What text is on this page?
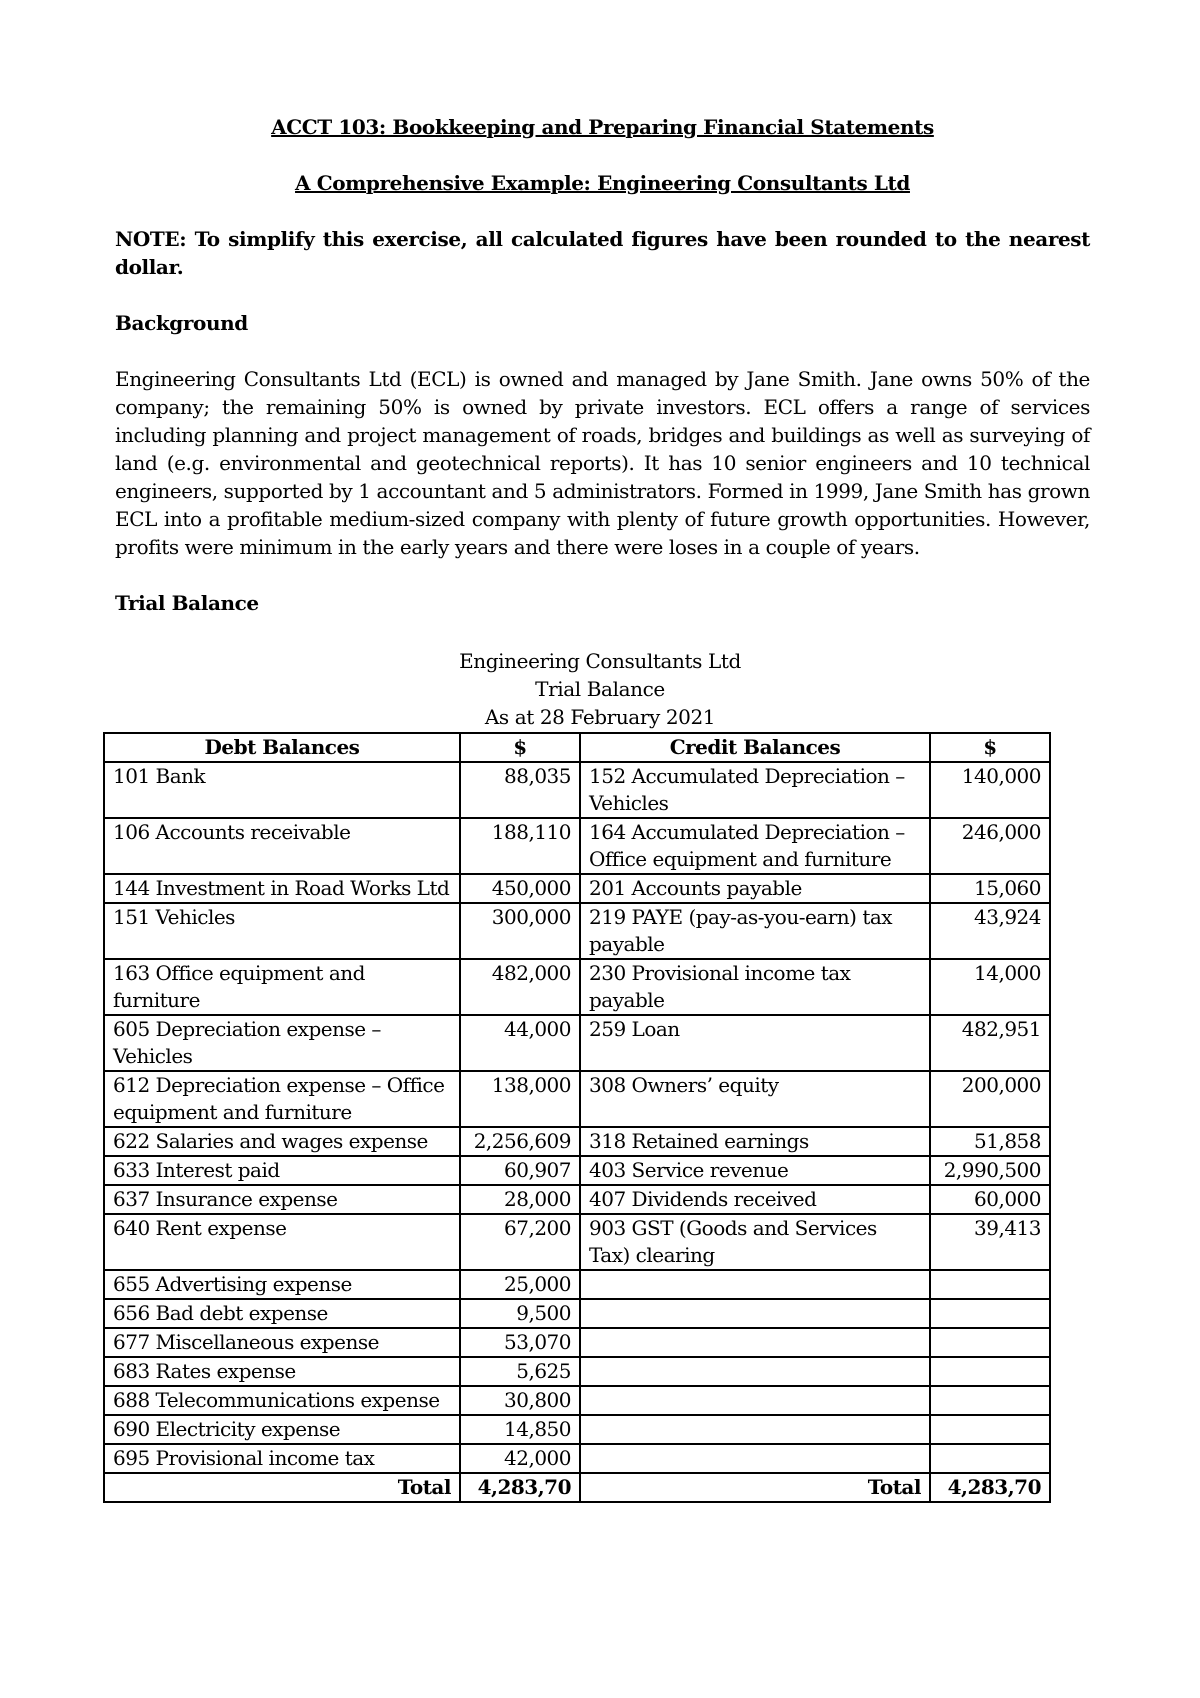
ACCT 103: Bookkeeping and Preparing Financial Statements

A Comprehensive Example: Engineering Consultants Ltd

NOTE: To simplify this exercise, all calculated figures have been rounded to the nearest dollar.

Background

Engineering Consultants Ltd (ECL) is owned and managed by Jane Smith. Jane owns 50% of the
company; the remaining 50% is owned by private investors. ECL offers a range of services
including planning and project management of roads, bridges and buildings as well as surveying of
land (e.g. environmental and geotechnical reports). It has 10 senior engineers and 10 technical
engineers, supported by 1 accountant and 5 administrators. Formed in 1999, Jane Smith has grown
ECL into a profitable medium-sized company with plenty of future growth opportunities. However,
profits were minimum in the early years and there were loses in a couple of years.

Trial Balance

Engineering Consultants Ltd
Trial Balance
As at 28 February 2021
Debt Balances	$	Credit Balances	$
101 Bank	88,035	152 Accumulated Depreciation – Vehicles	140,000
106 Accounts receivable	188,110	164 Accumulated Depreciation – Office equipment and furniture	246,000
144 Investment in Road Works Ltd	450,000	201 Accounts payable	15,060
151 Vehicles	300,000	219 PAYE (pay-as-you-earn) tax payable	43,924
163 Office equipment and furniture	482,000	230 Provisional income tax payable	14,000
605 Depreciation expense – Vehicles	44,000	259 Loan	482,951
612 Depreciation expense – Office equipment and furniture	138,000	308 Owners’ equity	200,000
622 Salaries and wages expense	2,256,609	318 Retained earnings	51,858
633 Interest paid	60,907	403 Service revenue	2,990,500
637 Insurance expense	28,000	407 Dividends received	60,000
640 Rent expense	67,200	903 GST (Goods and Services Tax) clearing	39,413
655 Advertising expense	25,000		
656 Bad debt expense	9,500		
677 Miscellaneous expense	53,070		
683 Rates expense	5,625		
688 Telecommunications expense	30,800		
690 Electricity expense	14,850		
695 Provisional income tax	42,000		
Total	4,283,70	Total	4,283,70
